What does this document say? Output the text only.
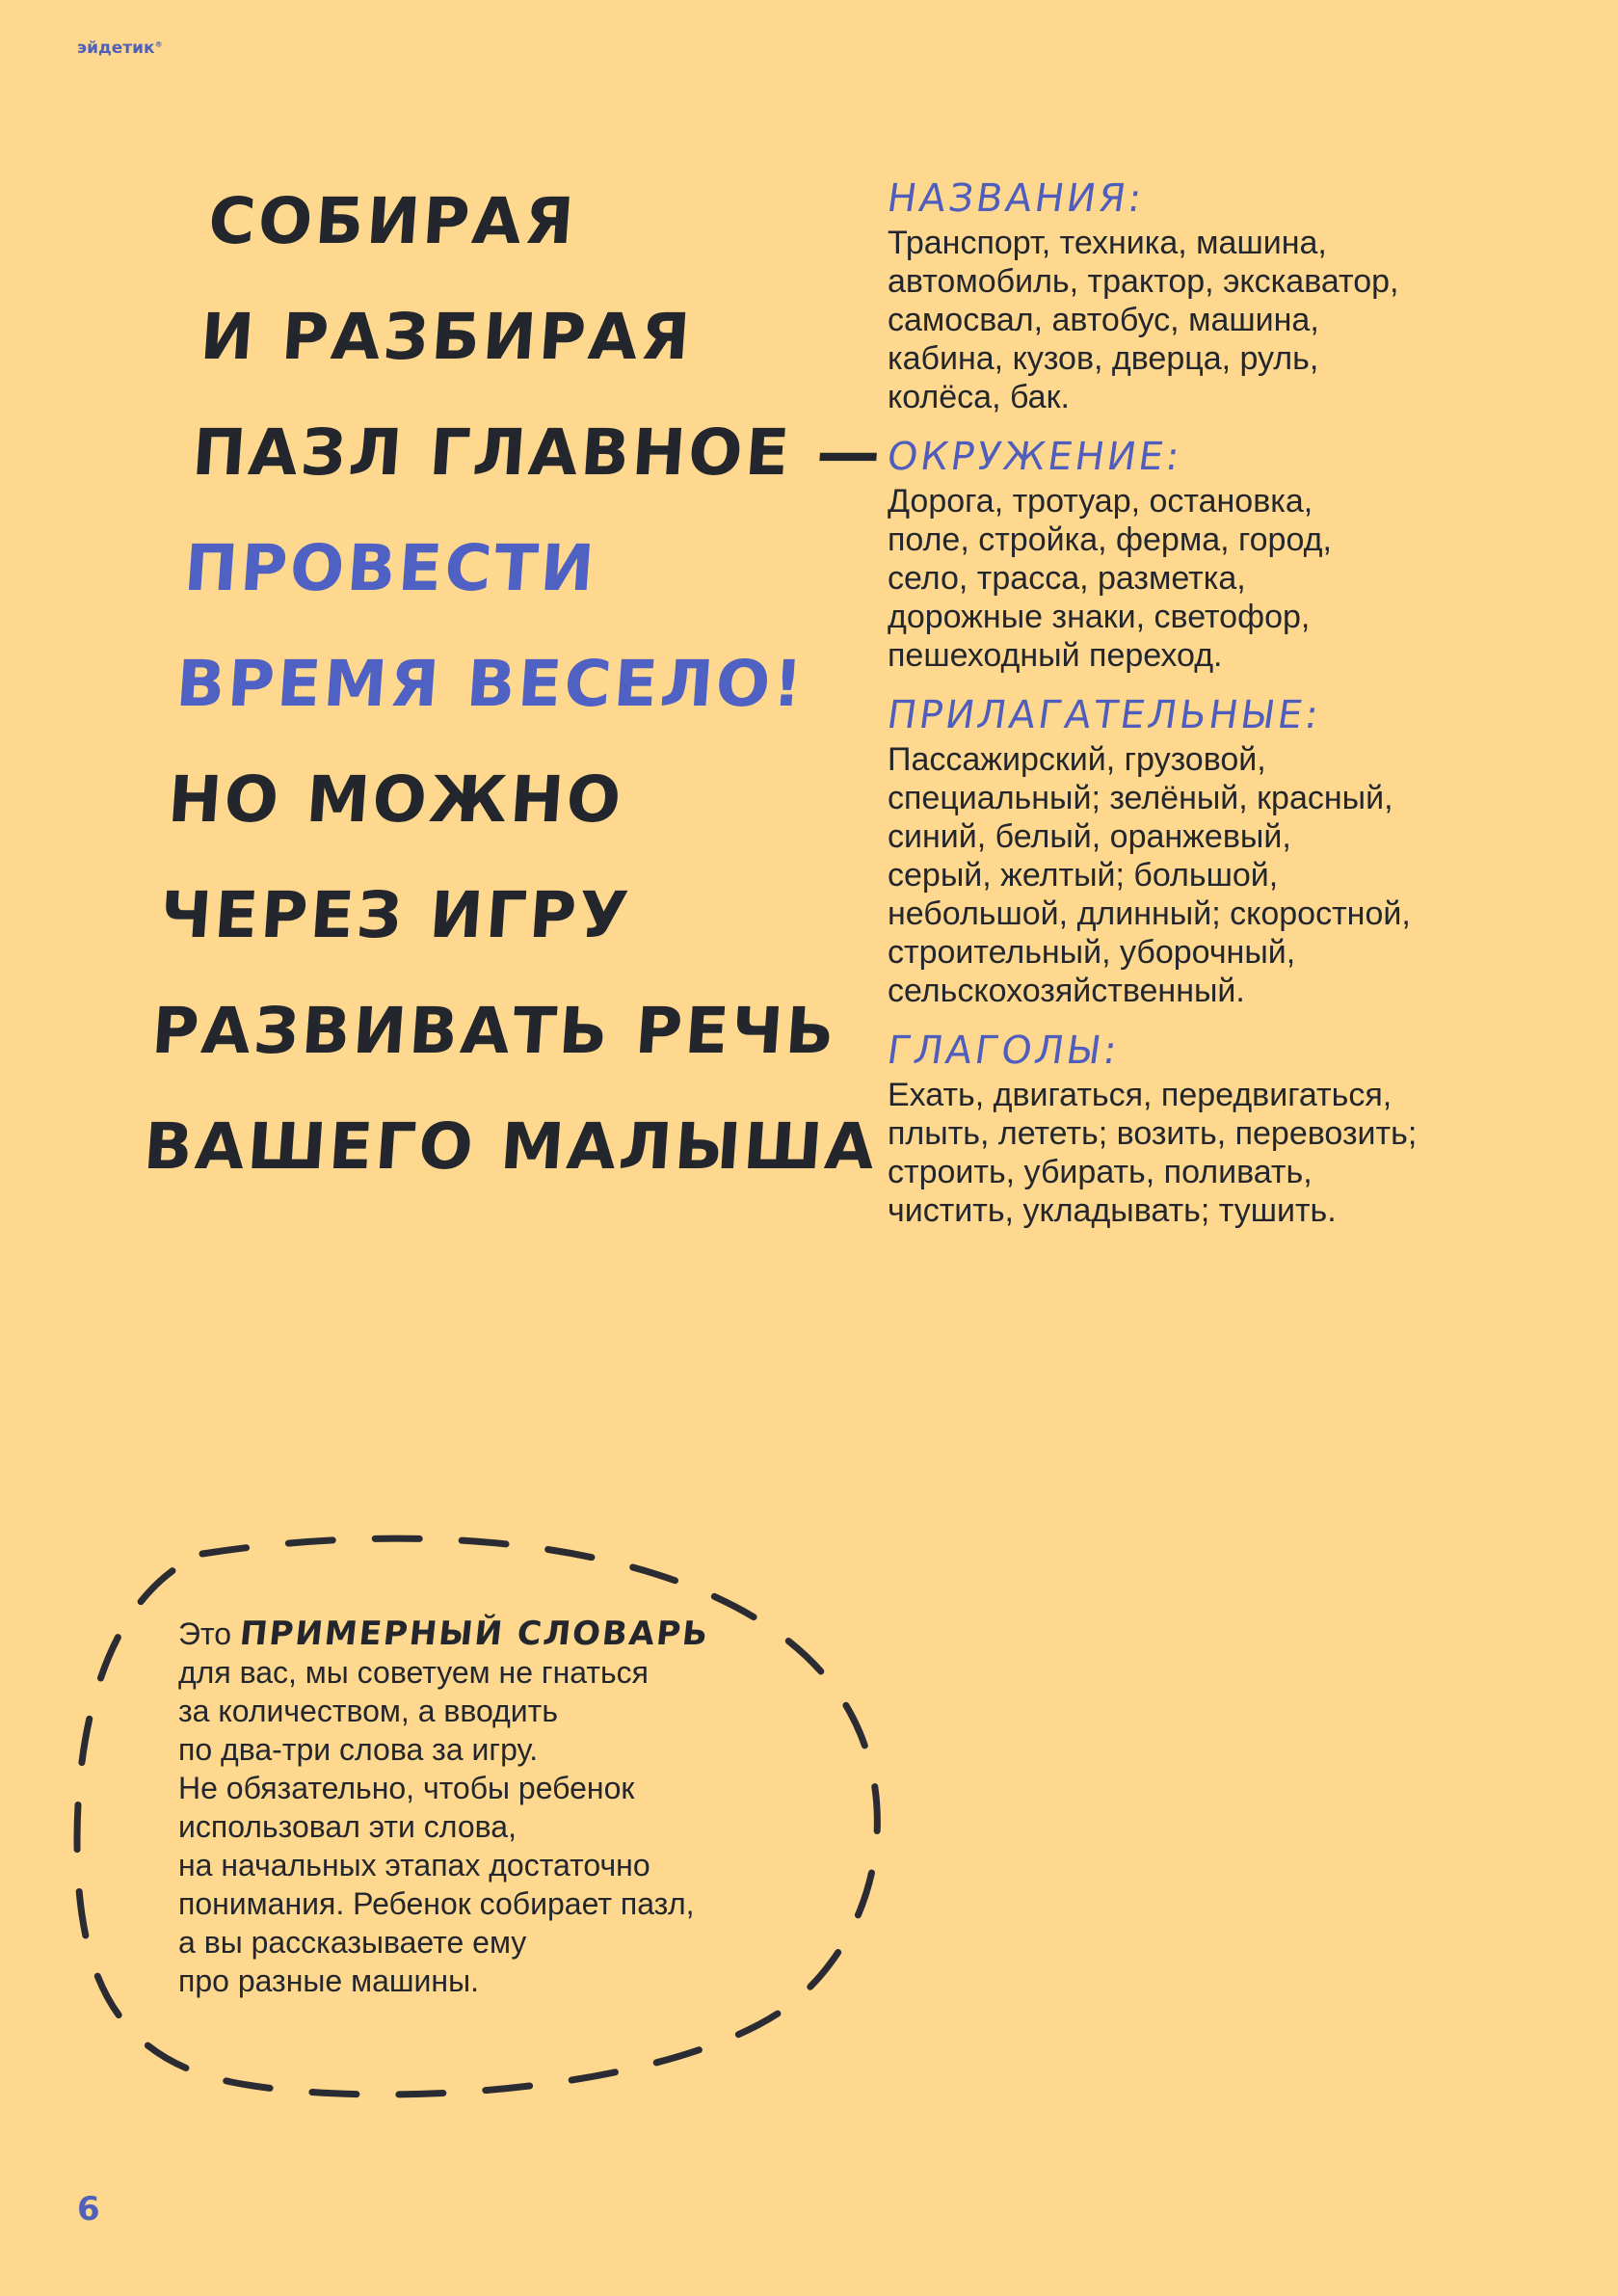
эйдетик®
СОБИРАЯ
И РАЗБИРАЯ
ПАЗЛ ГЛАВНОЕ —
ПРОВЕСТИ
ВРЕМЯ ВЕСЕЛО!
НО МОЖНО
ЧЕРЕЗ ИГРУ
РАЗВИВАТЬ РЕЧЬ
ВАШЕГО МАЛЫША
НАЗВАНИЯ:

Транспорт, техника, машина,
автомобиль, трактор, экскаватор,
самосвал, автобус, машина,
кабина, кузов, дверца, руль,
колёса, бак.

ОКРУЖЕНИЕ:

Дорога, тротуар, остановка,
поле, стройка, ферма, город,
село, трасса, разметка,
дорожные знаки, светофор,
пешеходный переход.

ПРИЛАГАТЕЛЬНЫЕ:

Пассажирский, грузовой,
специальный; зелёный, красный,
синий, белый, оранжевый,
серый, желтый; большой,
небольшой, длинный; скоростной,
строительный, уборочный,
сельскохозяйственный.

ГЛАГОЛЫ:

Ехать, двигаться, передвигаться,
плыть, лететь; возить, перевозить;
строить, убирать, поливать,
чистить, укладывать; тушить.

Это ПРИМЕРНЫЙ СЛОВАРЬ
для вас, мы советуем не гнаться
за количеством, а вводить
по два-три слова за игру.
Не обязательно, чтобы ребенок
использовал эти слова,
на начальных этапах достаточно
понимания. Ребенок собирает пазл,
а вы рассказываете ему
про разные машины.
6
